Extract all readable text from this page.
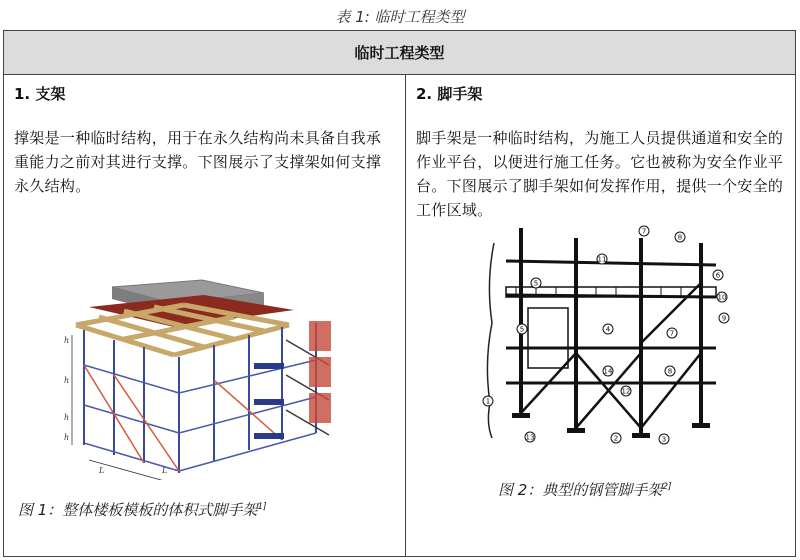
表 1: 临时工程类型
临时工程类型
1. 支架
撑架是一种临时结构，用于在永久结构尚未具备自我承重能力之前对其进行支撑。下图展示了支撑架如何支撑永久结构。
h
h
h
h
L	L
图 1：整体楼板模板的体积式脚手架$^{1]}$
2. 脚手架
脚手架是一种临时结构，为施工人员提供通道和安全的作业平台，以便进行施工任务。它也被称为安全作业平台。下图展示了脚手架如何发挥作用，提供一个安全的工作区域。
1
2	3
4
5
6
7
8
9
10
11
12
13
14
5
8
7
图 2：典型的钢管脚手架$^{2]}$
